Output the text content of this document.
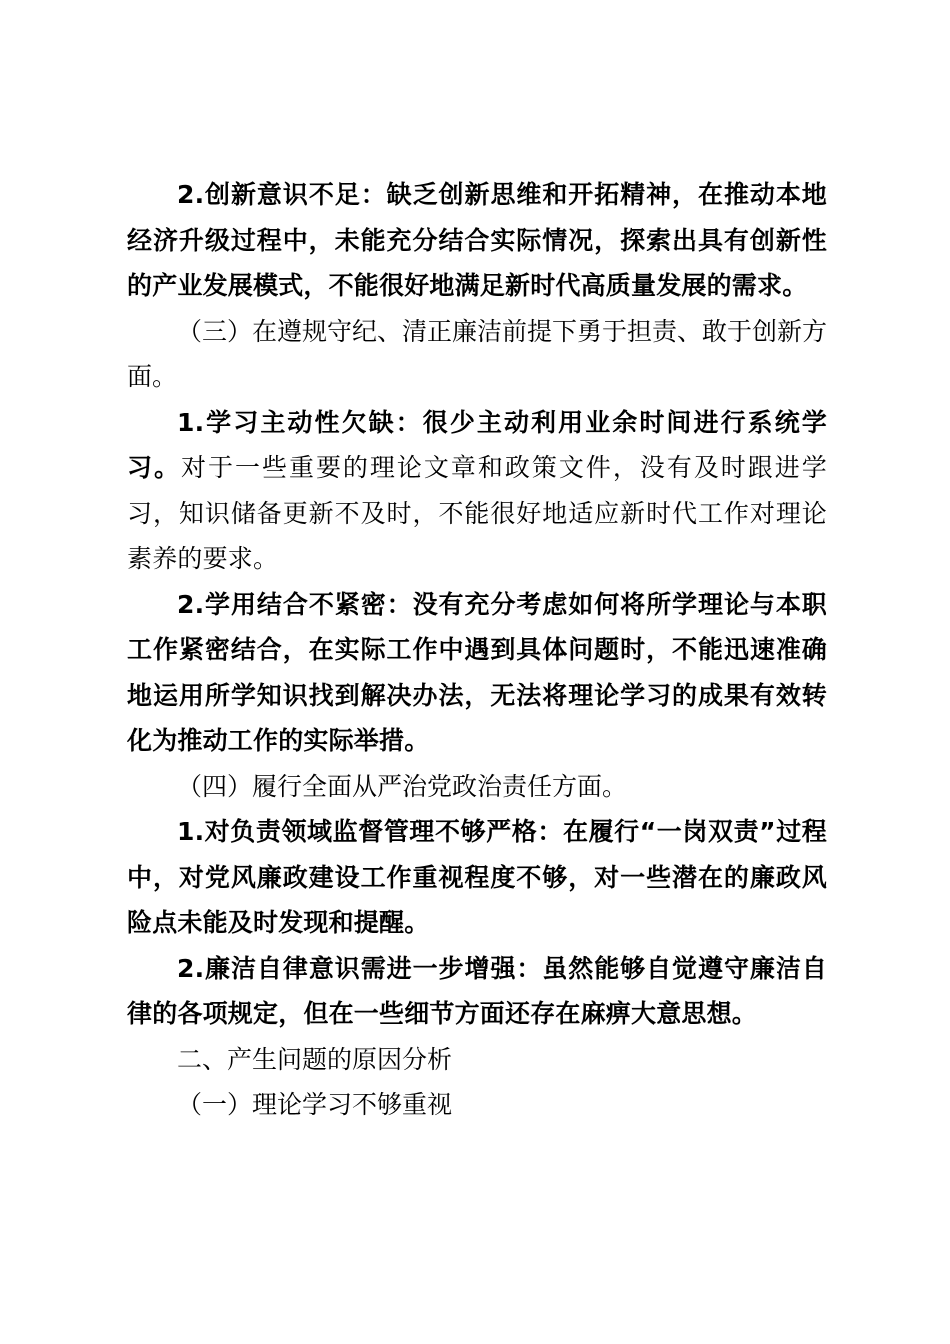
2.创新意识不足：缺乏创新思维和开拓精神，在推动本地经济升级过程中，未能充分结合实际情况，探索出具有创新性的产业发展模式，不能很好地满足新时代高质量发展的需求。

（三）在遵规守纪、清正廉洁前提下勇于担责、敢于创新方面。

1.学习主动性欠缺：很少主动利用业余时间进行系统学习。对于一些重要的理论文章和政策文件，没有及时跟进学习，知识储备更新不及时，不能很好地适应新时代工作对理论素养的要求。

2.学用结合不紧密：没有充分考虑如何将所学理论与本职工作紧密结合，在实际工作中遇到具体问题时，不能迅速准确地运用所学知识找到解决办法，无法将理论学习的成果有效转化为推动工作的实际举措。

（四）履行全面从严治党政治责任方面。

1.对负责领域监督管理不够严格：在履行“一岗双责”过程中，对党风廉政建设工作重视程度不够，对一些潜在的廉政风险点未能及时发现和提醒。

2.廉洁自律意识需进一步增强：虽然能够自觉遵守廉洁自律的各项规定，但在一些细节方面还存在麻痹大意思想。

二、产生问题的原因分析

（一）理论学习不够重视
